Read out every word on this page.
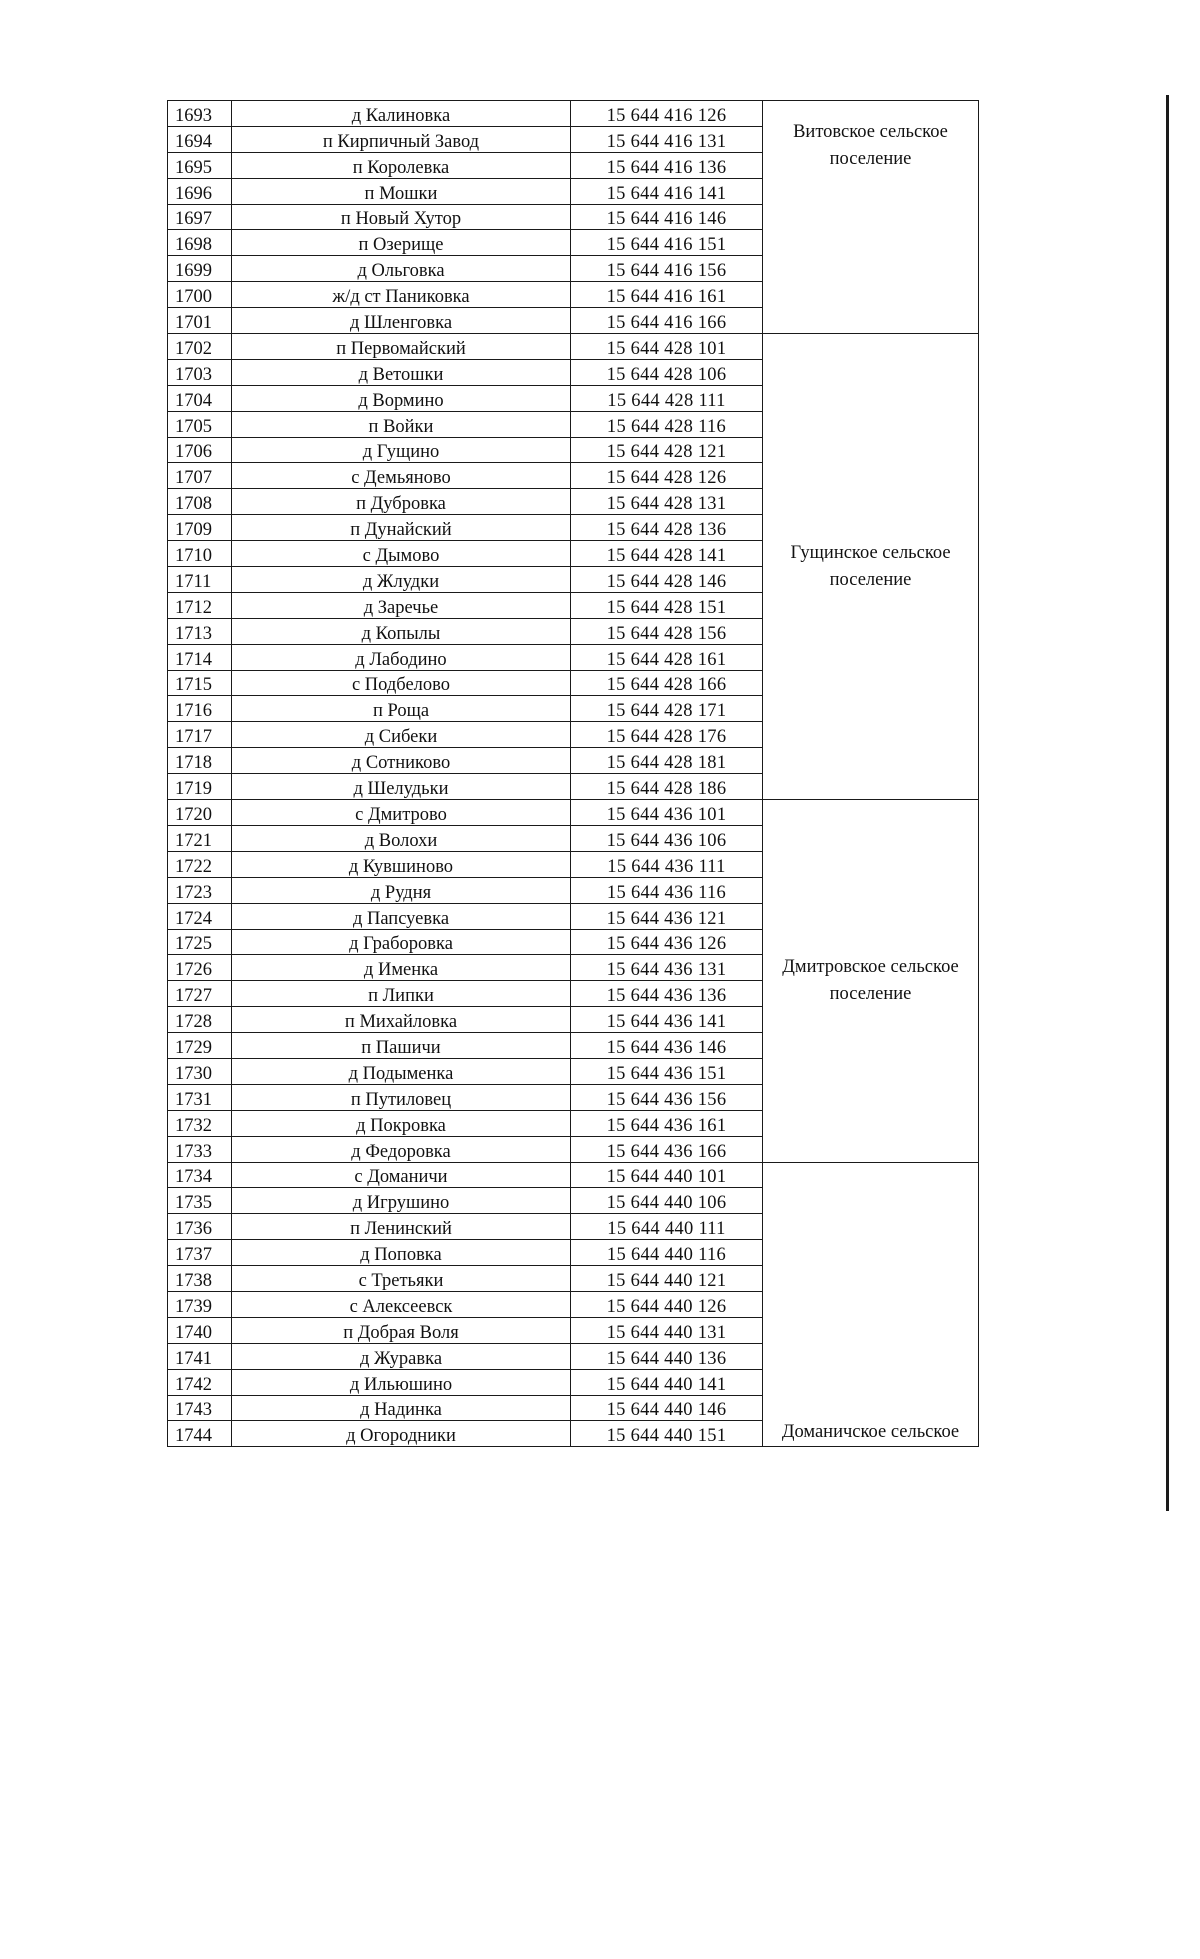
1693	д Калиновка	15 644 416 126	Витовское сельское поселение
1694	п Кирпичный Завод	15 644 416 131	
1695	п Королевка	15 644 416 136	
1696	п Мошки	15 644 416 141	
1697	п Новый Хутор	15 644 416 146	
1698	п Озерище	15 644 416 151	
1699	д Ольговка	15 644 416 156	
1700	ж/д ст Паниковка	15 644 416 161	
1701	д Шленговка	15 644 416 166	
1702	п Первомайский	15 644 428 101	Гущинское сельское поселение
1703	д Ветошки	15 644 428 106	
1704	д Вормино	15 644 428 111	
1705	п Войки	15 644 428 116	
1706	д Гущино	15 644 428 121	
1707	с Демьяново	15 644 428 126	
1708	п Дубровка	15 644 428 131	
1709	п Дунайский	15 644 428 136	
1710	с Дымово	15 644 428 141	
1711	д Жлудки	15 644 428 146	
1712	д Заречье	15 644 428 151	
1713	д Копылы	15 644 428 156	
1714	д Лабодино	15 644 428 161	
1715	с Подбелово	15 644 428 166	
1716	п Роща	15 644 428 171	
1717	д Сибеки	15 644 428 176	
1718	д Сотниково	15 644 428 181	
1719	д Шелудьки	15 644 428 186	
1720	с Дмитрово	15 644 436 101	Дмитровское сельское поселение
1721	д Волохи	15 644 436 106	
1722	д Кувшиново	15 644 436 111	
1723	д Рудня	15 644 436 116	
1724	д Папсуевка	15 644 436 121	
1725	д Граборовка	15 644 436 126	
1726	д Именка	15 644 436 131	
1727	п Липки	15 644 436 136	
1728	п Михайловка	15 644 436 141	
1729	п Пашичи	15 644 436 146	
1730	д Подыменка	15 644 436 151	
1731	п Путиловец	15 644 436 156	
1732	д Покровка	15 644 436 161	
1733	д Федоровка	15 644 436 166	
1734	с Доманичи	15 644 440 101	Доманичское сельское
1735	д Игрушино	15 644 440 106	
1736	п Ленинский	15 644 440 111	
1737	д Поповка	15 644 440 116	
1738	с Третьяки	15 644 440 121	
1739	с Алексеевск	15 644 440 126	
1740	п Добрая Воля	15 644 440 131	
1741	д Журавка	15 644 440 136	
1742	д Ильюшино	15 644 440 141	
1743	д Надинка	15 644 440 146	
1744	д Огородники	15 644 440 151	
